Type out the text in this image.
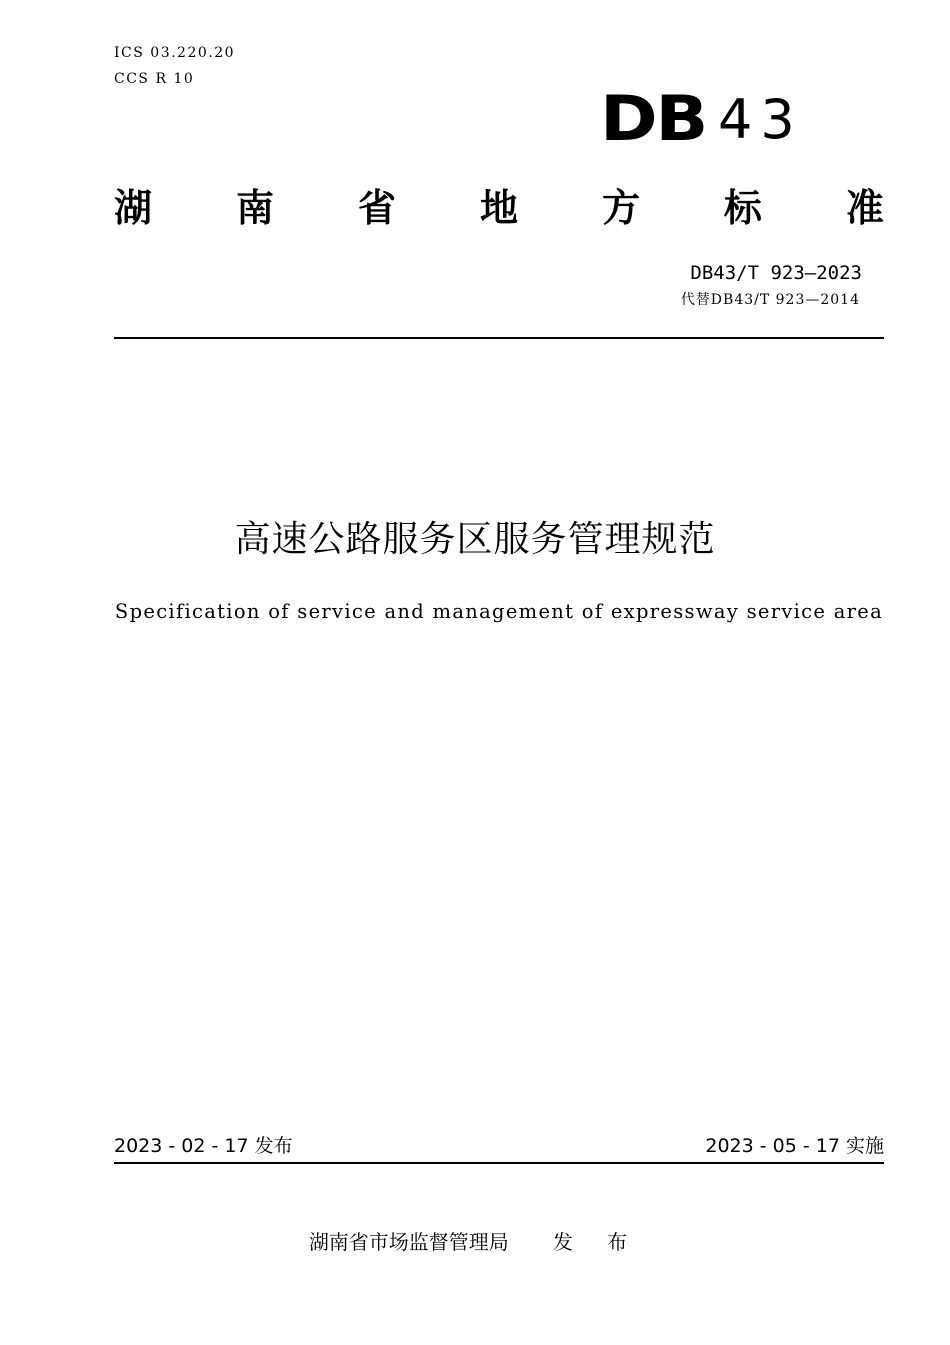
ICS 03.220.20
CCS R 10
DB 43
湖 南 省 地 方 标 准
DB43/T 923—2023
代替DB43/T 923—2014
高速公路服务区服务管理规范
Specification of service and management of expressway service area
2023 - 02 - 17 发布	2023 - 05 - 17 实施
湖南省市场监督管理局 发 布
